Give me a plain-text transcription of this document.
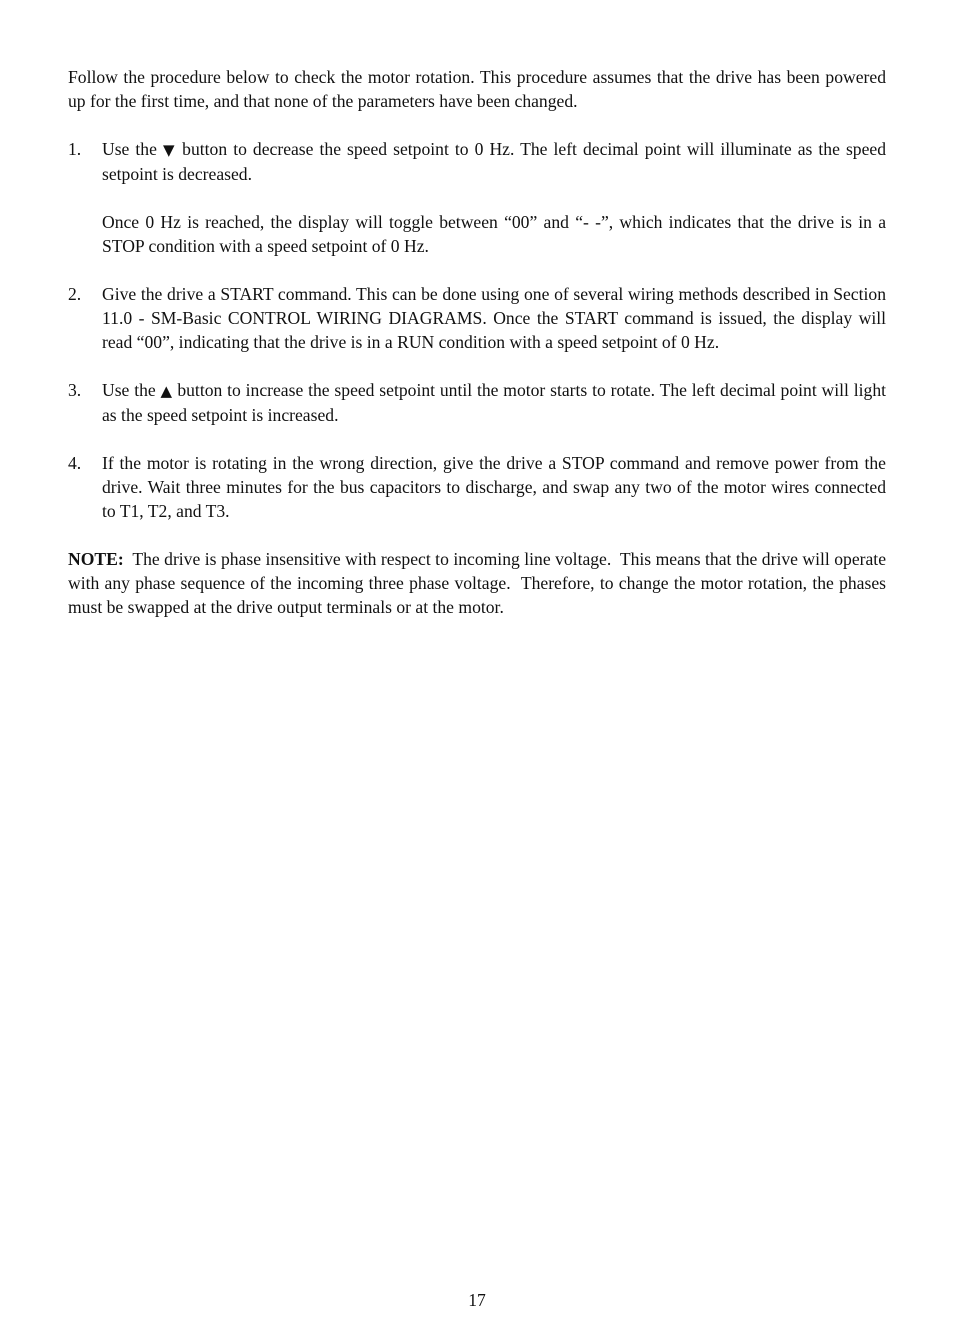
Follow the procedure below to check the motor rotation. This procedure assumes that the drive has been powered up for the first time, and that none of the parameters have been changed.

1.	Use the ▼ button to decrease the speed setpoint to 0 Hz. The left decimal point will illuminate as the speed setpoint is decreased.

Once 0 Hz is reached, the display will toggle between “00” and “- -”, which indicates that the drive is in a STOP condition with a speed setpoint of 0 Hz.

2.	Give the drive a START command. This can be done using one of several wiring methods described in Section 11.0 - SM-Basic CONTROL WIRING DIAGRAMS. Once the START command is issued, the display will read “00”, indicating that the drive is in a RUN condition with a speed setpoint of 0 Hz.

3.	Use the ▲ button to increase the speed setpoint until the motor starts to rotate. The left decimal point will light as the speed setpoint is increased.

4.	If the motor is rotating in the wrong direction, give the drive a STOP command and remove power from the drive. Wait three minutes for the bus capacitors to discharge, and swap any two of the motor wires connected to T1, T2, and T3.

NOTE:  The drive is phase insensitive with respect to incoming line voltage.  This means that the drive will operate with any phase sequence of the incoming three phase voltage.  Therefore, to change the motor rotation, the phases must be swapped at the drive output terminals or at the motor.

17
